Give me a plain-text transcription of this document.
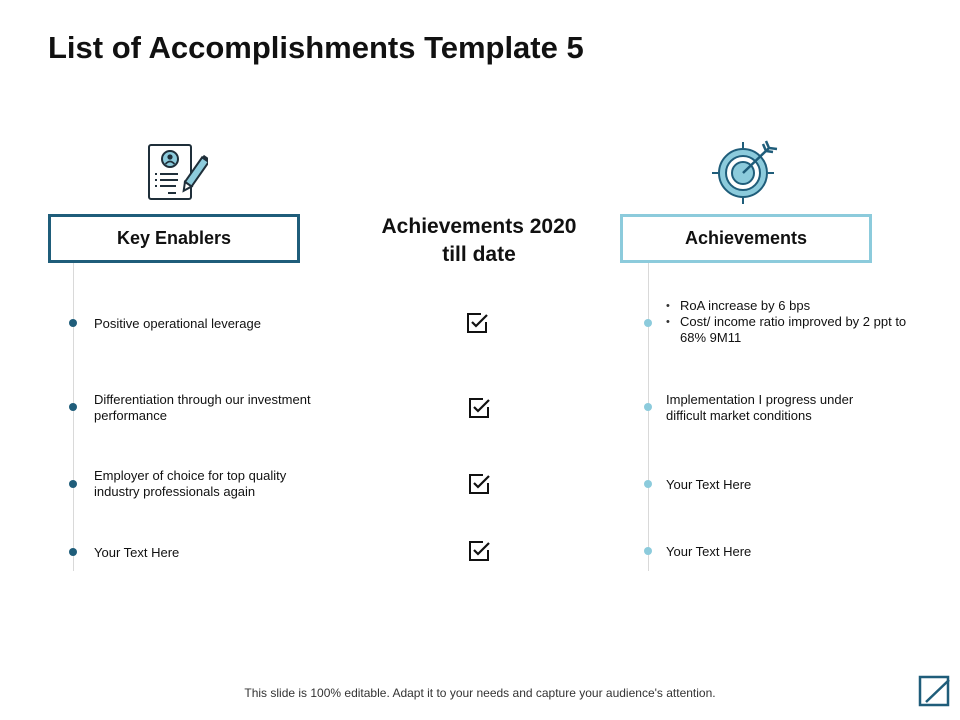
List of Accomplishments Template 5
Key Enablers	Achievements 2020
till date
Achievements
Positive operational leverage
Differentiation through our investment performance
Employer of choice for top quality industry professionals again
Your Text Here
• RoA increase by 6 bps
• Cost/ income ratio improved by 2 ppt to 68% 9M11
Implementation I progress under difficult market conditions
Your Text Here
Your Text Here
This slide is 100% editable. Adapt it to your needs and capture your audience's attention.
